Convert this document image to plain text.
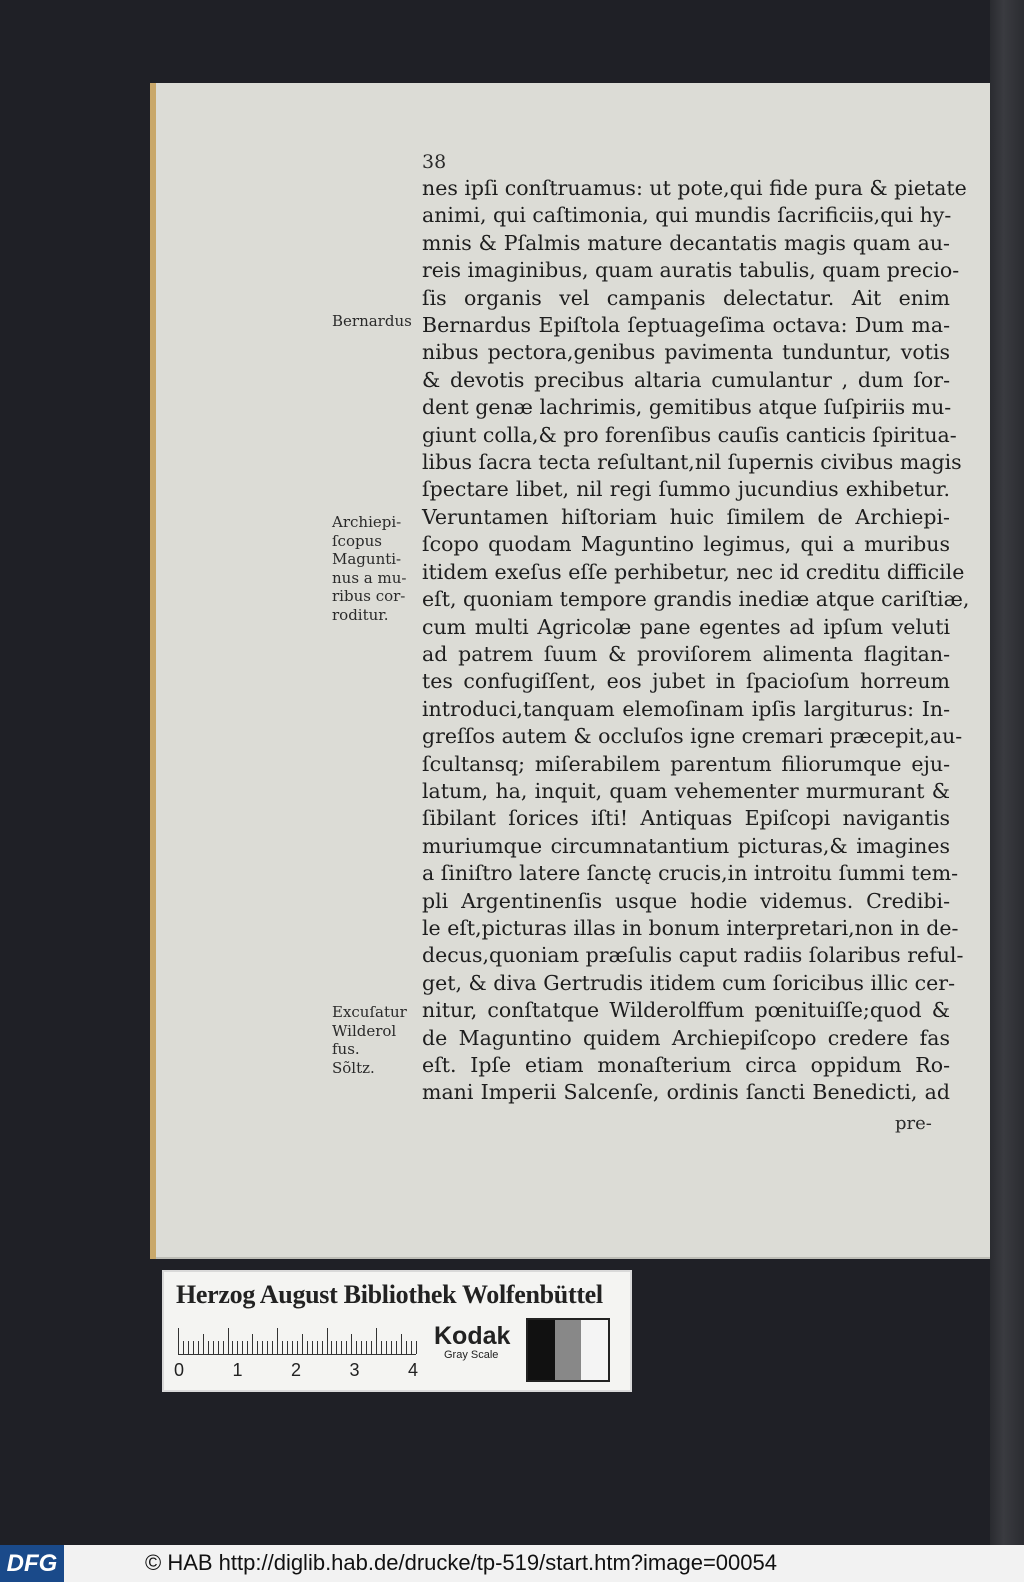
38
nes ipſi conſtruamus: ut pote,qui fide pura & pietate
animi, qui caſtimonia, qui mundis ſacrificiis,qui hy-
mnis & Pſalmis mature decantatis magis quam au-
reis imaginibus, quam auratis tabulis, quam precio-
ſis organis vel campanis delectatur. Ait enim
Bernardus Epiſtola ſeptuageſima octava: Dum ma-
nibus pectora,genibus pavimenta tunduntur, votis
& devotis precibus altaria cumulantur , dum ſor-
dent genæ lachrimis, gemitibus atque ſuſpiriis mu-
giunt colla,& pro forenſibus cauſis canticis ſpiritua-
libus ſacra tecta reſultant,nil ſupernis civibus magis
ſpectare libet, nil regi ſummo jucundius exhibetur.
Veruntamen hiſtoriam huic ſimilem de Archiepi-
ſcopo quodam Maguntino legimus, qui a muribus
itidem exeſus eſſe perhibetur, nec id creditu difficile
eſt, quoniam tempore grandis inediæ atque cariſtiæ,
cum multi Agricolæ pane egentes ad ipſum veluti
ad patrem ſuum & proviſorem alimenta flagitan-
tes confugiſſent, eos jubet in ſpacioſum horreum
introduci,tanquam elemoſinam ipſis largiturus: In-
greſſos autem & occluſos igne cremari præcepit,au-
ſcultansq; miſerabilem parentum filiorumque eju-
latum, ha, inquit, quam vehementer murmurant &
ſibilant ſorices iſti! Antiquas Epiſcopi navigantis
muriumque circumnatantium picturas,& imagines
a ſiniſtro latere ſanctę crucis,in introitu ſummi tem-
pli Argentinenſis usque hodie videmus. Credibi-
le eſt,picturas illas in bonum interpretari,non in de-
decus,quoniam præſulis caput radiis ſolaribus reful-
get, & diva Gertrudis itidem cum ſoricibus illic cer-
nitur, conſtatque Wilderolffum pœnituiſſe;quod &
de Maguntino quidem Archiepiſcopo credere fas
eſt. Ipſe etiam monaſterium circa oppidum Ro-
mani Imperii Salcenſe, ordinis ſancti Benedicti, ad
Bernardus
Archiepi-
ſcopus
Magunti-
nus a mu-
ribus cor-
roditur.
Excuſatur
Wilderol
fus.
Sõltz.
pre-
Herzog August Bibliothek Wolfenbüttel
0	1	2	3	4
Kodak
Gray Scale
DFG	© HAB http://diglib.hab.de/drucke/tp-519/start.htm?image=00054
